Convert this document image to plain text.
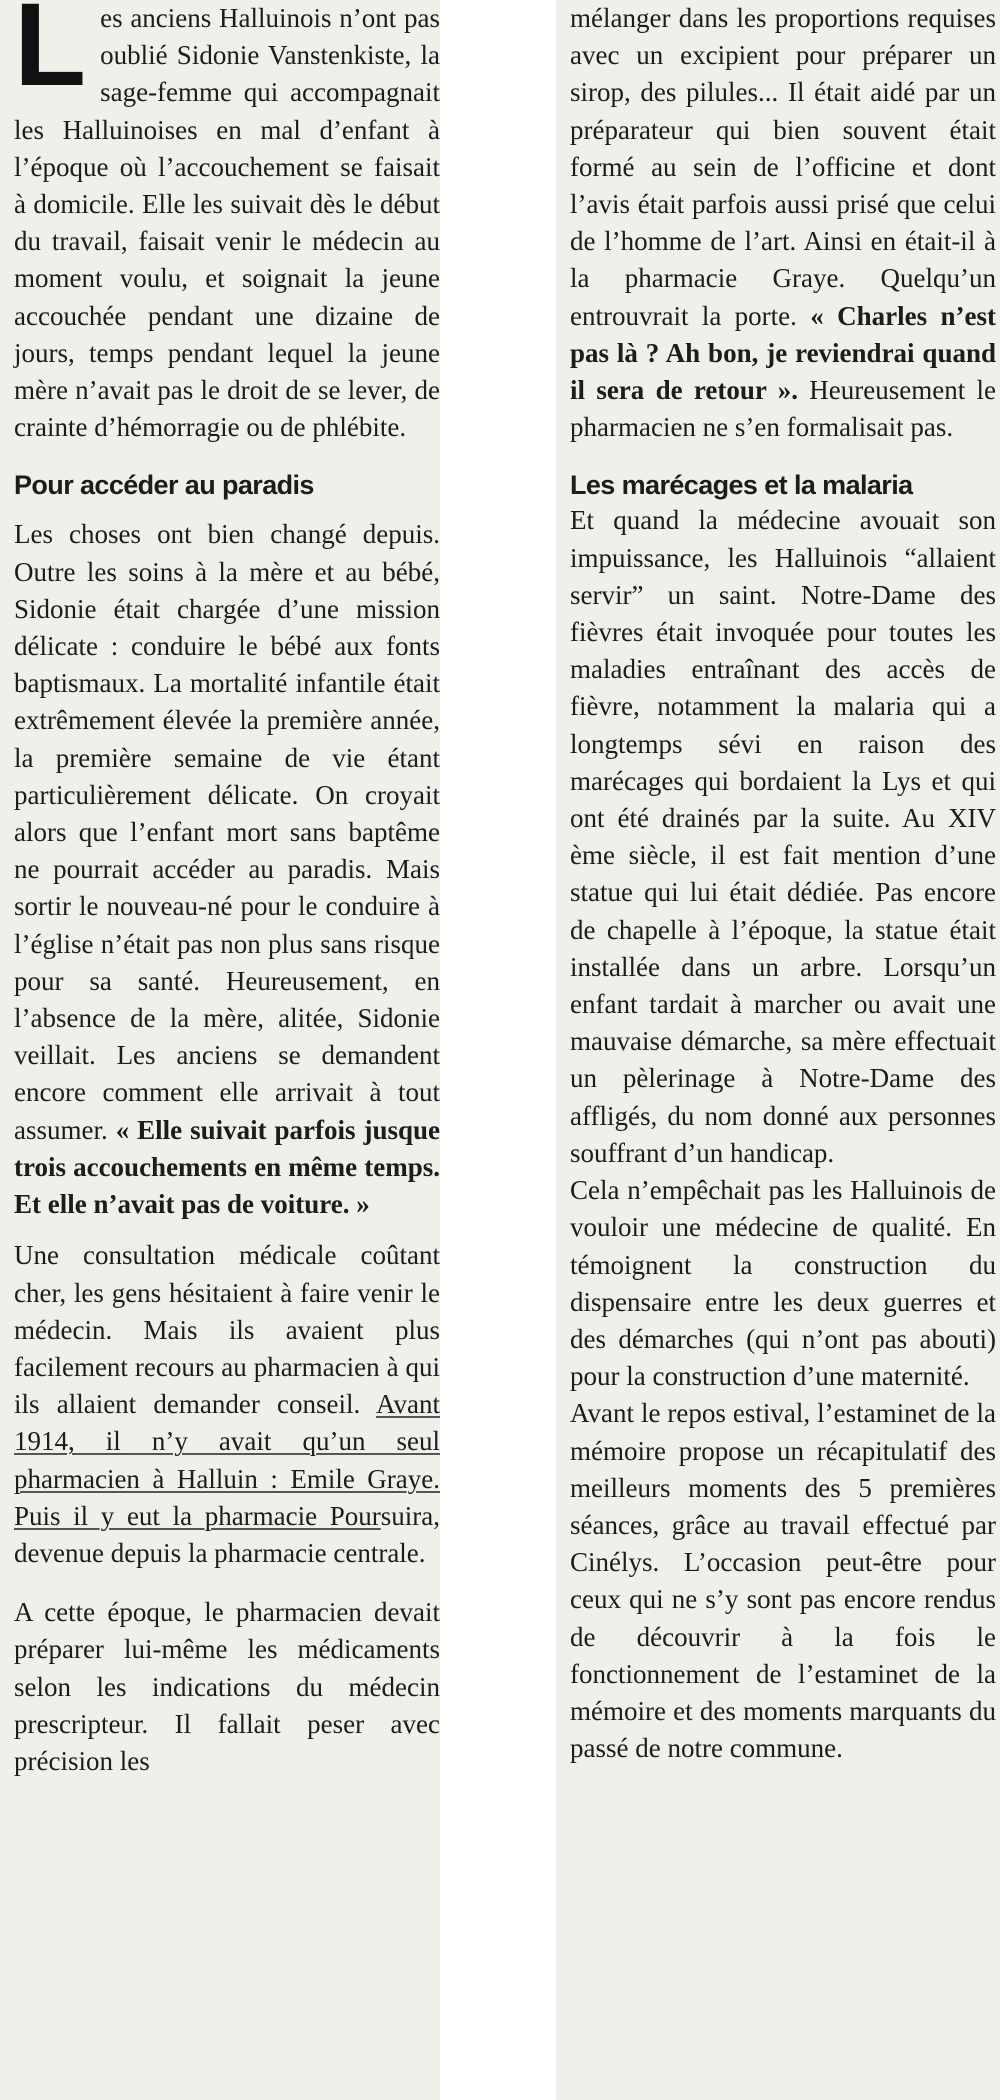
Les anciens Halluinois n’ont pas oublié Sidonie Vanstenkiste, la sage-femme qui accompagnait les Halluinoises en mal d’enfant à l’époque où l’accouchement se faisait à domicile. Elle les suivait dès le début du travail, faisait venir le médecin au moment voulu, et soignait la jeune accouchée pendant une dizaine de jours, temps pendant lequel la jeune mère n’avait pas le droit de se lever, de crainte d’hémorragie ou de phlébite.

Pour accéder au paradis

Les choses ont bien changé depuis. Outre les soins à la mère et au bébé, Sidonie était chargée d’une mission délicate : conduire le bébé aux fonts baptismaux. La mortalité infantile était extrêmement élevée la première année, la première semaine de vie étant particulièrement délicate. On croyait alors que l’enfant mort sans baptême ne pourrait accéder au paradis. Mais sortir le nouveau-né pour le conduire à l’église n’était pas non plus sans risque pour sa santé. Heureusement, en l’absence de la mère, alitée, Sidonie veillait. Les anciens se demandent encore comment elle arrivait à tout assumer. « Elle suivait parfois jusque trois accouchements en même temps. Et elle n’avait pas de voiture. »

Une consultation médicale coûtant cher, les gens hésitaient à faire venir le médecin. Mais ils avaient plus facilement recours au pharmacien à qui ils allaient demander conseil. Avant 1914, il n’y avait qu’un seul pharmacien à Halluin : Emile Graye. Puis il y eut la pharmacie Poursuira, devenue depuis la pharmacie centrale.

A cette époque, le pharmacien devait préparer lui-même les médicaments selon les indications du médecin prescripteur. Il fallait peser avec précision les

mélanger dans les proportions requises avec un excipient pour préparer un sirop, des pilules... Il était aidé par un préparateur qui bien souvent était formé au sein de l’officine et dont l’avis était parfois aussi prisé que celui de l’homme de l’art. Ainsi en était-il à la pharmacie Graye. Quelqu’un entrouvrait la porte. « Charles n’est pas là ? Ah bon, je reviendrai quand il sera de retour ». Heureusement le pharmacien ne s’en formalisait pas.

Les marécages et la malaria

Et quand la médecine avouait son impuissance, les Halluinois “allaient servir” un saint. Notre-Dame des fièvres était invoquée pour toutes les maladies entraînant des accès de fièvre, notamment la malaria qui a longtemps sévi en raison des marécages qui bordaient la Lys et qui ont été drainés par la suite. Au XIV ème siècle, il est fait mention d’une statue qui lui était dédiée. Pas encore de chapelle à l’époque, la statue était installée dans un arbre. Lorsqu’un enfant tardait à marcher ou avait une mauvaise démarche, sa mère effectuait un pèlerinage à Notre-Dame des affligés, du nom donné aux personnes souffrant d’un handicap.

Cela n’empêchait pas les Halluinois de vouloir une médecine de qualité. En témoignent la construction du dispensaire entre les deux guerres et des démarches (qui n’ont pas abouti) pour la construction d’une maternité.

Avant le repos estival, l’estaminet de la mémoire propose un récapitulatif des meilleurs moments des 5 premières séances, grâce au travail effectué par Cinélys. L’occasion peut-être pour ceux qui ne s’y sont pas encore rendus de découvrir à la fois le fonctionnement de l’estaminet de la mémoire et des moments marquants du passé de notre commune.
